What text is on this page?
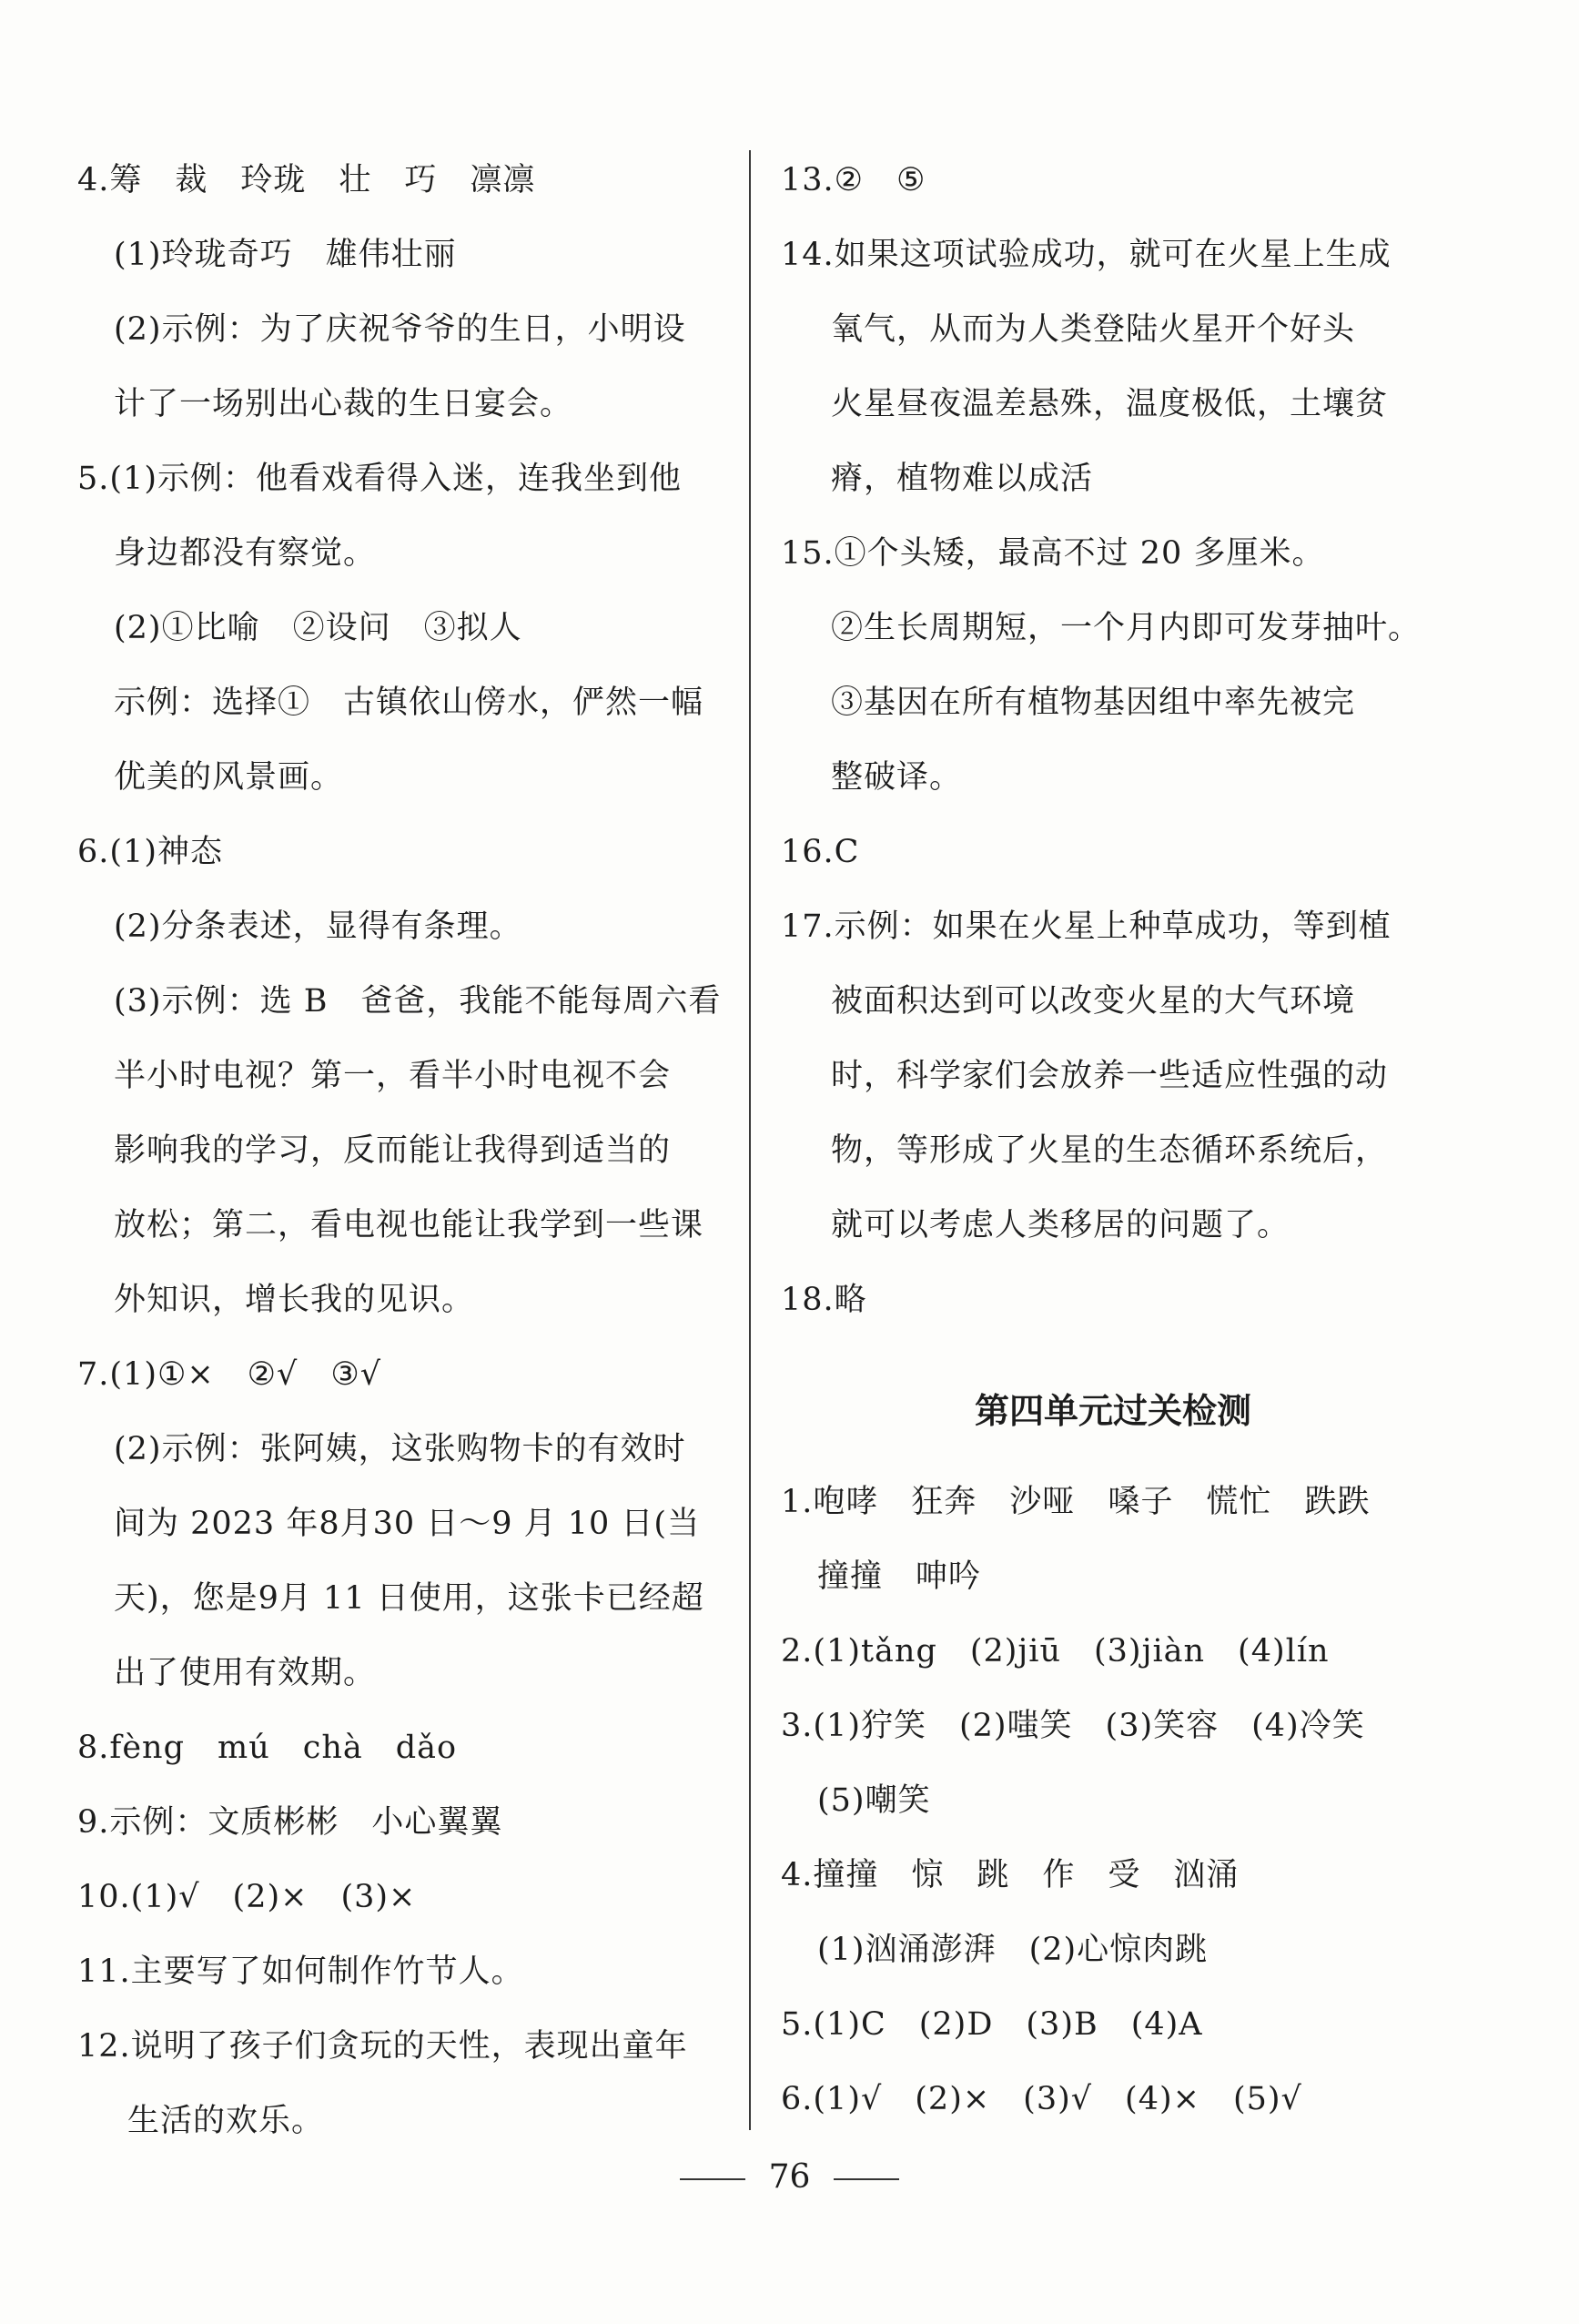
4.筹　裁　玲珑　壮　巧　凛凛
(1)玲珑奇巧　雄伟壮丽
(2)示例：为了庆祝爷爷的生日，小明设
计了一场别出心裁的生日宴会。
5.(1)示例：他看戏看得入迷，连我坐到他
身边都没有察觉。
(2)①比喻　②设问　③拟人
示例：选择①　古镇依山傍水，俨然一幅
优美的风景画。
6.(1)神态
(2)分条表述，显得有条理。
(3)示例：选 B　爸爸，我能不能每周六看
半小时电视？第一，看半小时电视不会
影响我的学习，反而能让我得到适当的
放松；第二，看电视也能让我学到一些课
外知识，增长我的见识。
7.(1)①×　②√　③√
(2)示例：张阿姨，这张购物卡的有效时
间为 2023 年8月30 日～9 月 10 日(当
天)，您是9月 11 日使用，这张卡已经超
出了使用有效期。
8.fèng　mú　chà　dǎo
9.示例：文质彬彬　小心翼翼
10.(1)√　(2)×　(3)×
11.主要写了如何制作竹节人。
12.说明了孩子们贪玩的天性，表现出童年
生活的欢乐。
13.②　⑤
14.如果这项试验成功，就可在火星上生成
氧气，从而为人类登陆火星开个好头
火星昼夜温差悬殊，温度极低，土壤贫
瘠，植物难以成活
15.①个头矮，最高不过 20 多厘米。
②生长周期短，一个月内即可发芽抽叶。
③基因在所有植物基因组中率先被完
整破译。
16.C
17.示例：如果在火星上种草成功，等到植
被面积达到可以改变火星的大气环境
时，科学家们会放养一些适应性强的动
物，等形成了火星的生态循环系统后，
就可以考虑人类移居的问题了。
18.略
第四单元过关检测
1.咆哮　狂奔　沙哑　嗓子　慌忙　跌跌
撞撞　呻吟
2.(1)tǎng　(2)jiū　(3)jiàn　(4)lín
3.(1)狞笑　(2)嗤笑　(3)笑容　(4)冷笑
(5)嘲笑
4.撞撞　惊　跳　作　受　汹涌
(1)汹涌澎湃　(2)心惊肉跳
5.(1)C　(2)D　(3)B　(4)A
6.(1)√　(2)×　(3)√　(4)×　(5)√
76
